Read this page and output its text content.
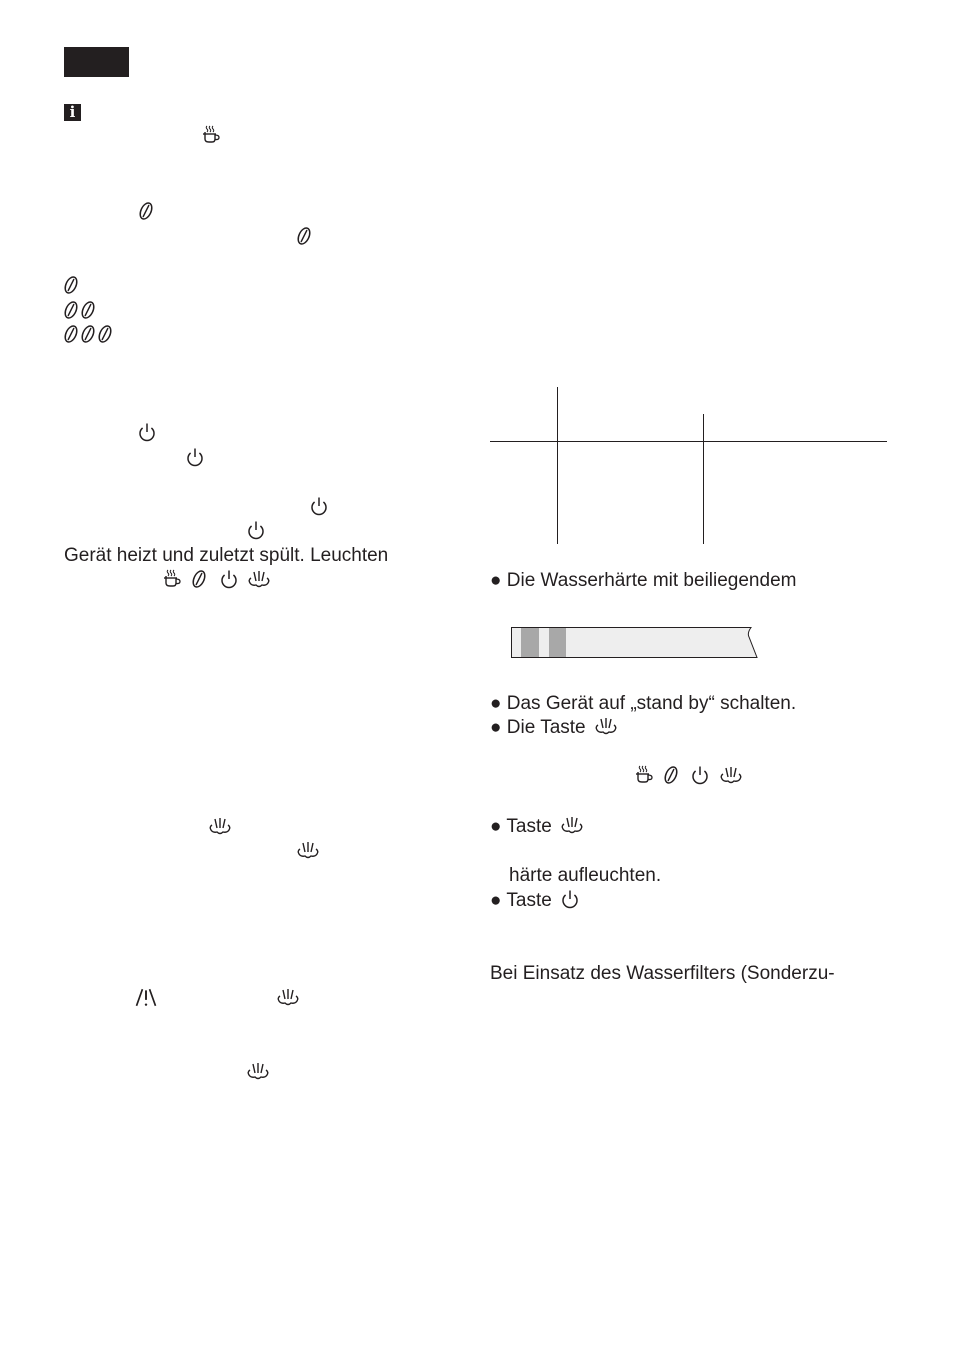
i
Gerät heizt und zuletzt spült. Leuchten
● Die Wasserhärte mit beiliegendem
● Das Gerät auf „stand by“ schalten.
● Die Taste
● Taste
härte aufleuchten.
● Taste
Bei Einsatz des Wasserfilters (Sonderzu-
